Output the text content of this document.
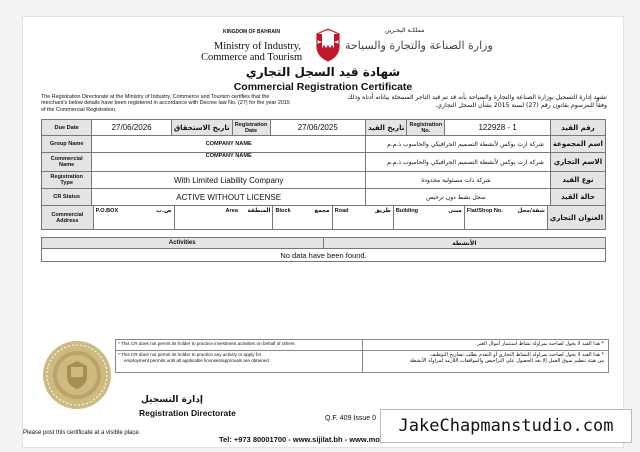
KINGDOM OF BAHRAIN	مملكـة البحـرين
Ministry of Industry,
Commerce and Tourism
وزارة الصناعة والتجارة والسياحة
شهادة قيد السجل التجاري
Commercial Registration Certificate
The Registration Directorate at the Ministry of Industry, Commerce and Tourism certifies that the merchant's below details have been registered in accordance with Decree law No. (27) for the year 2015 of the Commercial Registration.
تشهد إدارة التسجيل بوزارة الصناعة والتجارة والسياحة بأنه قد تم قيد التاجر المسجلة بياناته أدناه وذلك وفقاً للمرسوم بقانون رقم (27) لسنة 2015 بشأن السجل التجاري.
Due Date	27/06/2026	تاريخ الاستحقاق	Registration Date	27/06/2025	تاريخ القيد	Registration No.	122928 - 1	رقم القيد
Group Name	COMPANY NAME				شركة ارت بوكس لأنشطة التصميم الجرافيكي والحاسوب ذ.م.م			اسم المجموعة
Commercial Name	COMPANY NAME				شركة ارت بوكس لأنشطة التصميم الجرافيكي والحاسوب ذ.م.م			الاسم التجاري
Registration Type	With Limited Liability Company				شركة ذات مسئولية محدودة			نوع القيد
CR Status	ACTIVE WITHOUT LICENSE				سجل نشط دون ترخيص			حالة القيد
Commercial Address	P.O.BOX ص.ب	Area المنطقة	Block مجمع	Road طريق	Building مبنى	Flat/Shop No. شقة/محل	العنوان التجاري

Activities	الأنشطة
No data have been found.
* This CR does not permit its holder to practice investment activities on behalf of others
* This CR does not permit its holder to practice any activity or apply for
employment permits until all applicable licenses/approvals are obtained.
* هذا القيد لا يخول لصاحبه بمزاولة نشاط استثمار أموال الغير.
* هذا القيد لا يخول لصاحبه بمزاولة النشاط التجاري أو التقدم بطلب تصاريح التوظيف
من هيئة تنظيم سوق العمل إلا بعد الحصول على التراخيص والموافقات اللازمة لمزاولة الأنشطة
إدارة التسجيل
Registration Directorate
Q.F. 409 Issue 0
Please post this certificate at a visible place.
Tel: +973 80001700 - www.sijilat.bh - www.mo
JakeChapmanstudio.com
